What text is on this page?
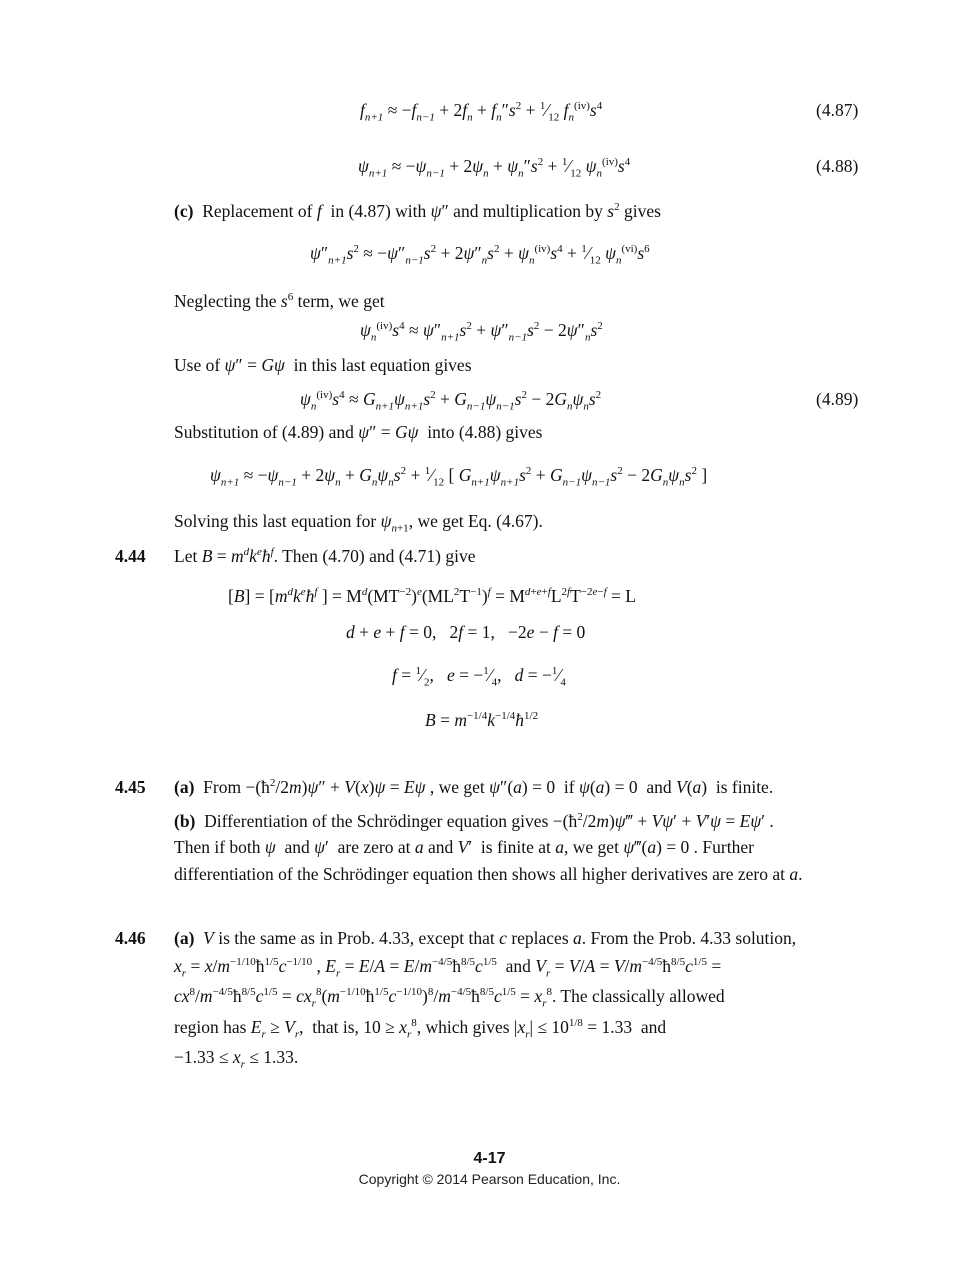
$f_{n+1} \approx -f_{n-1} + 2f_n + f_n''s^2$ + $^1⁄_{12}$ $f_n^{(iv)}s^4$	(4.87)
$\psi_{n+1} \approx -\psi_{n-1} + 2\psi_n + \psi_n''s^2$ + $^1⁄_{12}$ $\psi_n^{(iv)}s^4$	(4.88)
(c)  Replacement of f  in (4.87) with ψ″ and multiplication by $s^2$ gives
$\psi''_{n+1}s^2 \approx -\psi''_{n-1}s^2 + 2\psi''_ns^2 + \psi_n^{(iv)}s^4$ + $^1⁄_{12}$ $\psi_n^{(vi)}s^6$
Neglecting the $s^6$ term, we get
$\psi_n^{(iv)}s^4 \approx \psi''_{n+1}s^2 + \psi''_{n-1}s^2 - 2\psi''_ns^2$
Use of ψ″ = Gψ  in this last equation gives
$\psi_n^{(iv)}s^4 \approx G_{n+1}\psi_{n+1}s^2 + G_{n-1}\psi_{n-1}s^2 - 2G_n\psi_ns^2$	(4.89)
Substitution of (4.89) and ψ″ = Gψ  into (4.88) gives
$\psi_{n+1} \approx -\psi_{n-1} + 2\psi_n + G_n\psi_ns^2$ + $^1⁄_{12}$ [ $G_{n+1}\psi_{n+1}s^2 + G_{n-1}\psi_{n-1}s^2 - 2G_n\psi_ns^2$ ]
Solving this last equation for $\psi_{n+1}$, we get Eq. (4.67).
4.44 Let $B = m^dk^eħ^f$. Then (4.70) and (4.71) give
$[B] = [m^dk^eħ^f$ ] = $M^d(MT^{-2})^e(ML^2T^{-1})^f = M^{d+e+f}L^{2f}T^{-2e-f} = L$
d + e + f = 0,   2f = 1,   −2e − f = 0
$f = ^1⁄_2$,   $e = -^1⁄_4$,   $d = -^1⁄_4$
$B = m^{-1/4}k^{-1/4}ħ^{1/2}$
4.45 (a)  From $-(ħ^2/2m)\psi'' + V(x)\psi = E\psi$ , we get ψ″(a) = 0  if ψ(a) = 0  and V(a)  is finite.
(b)  Differentiation of the Schrödinger equation gives $-(ħ^2/2m)\psi‴ + V\psi' + V'\psi = E\psi'$ .
Then if both ψ  and ψ′  are zero at a and V′  is finite at a, we get ψ‴(a) = 0 . Further
differentiation of the Schrödinger equation then shows all higher derivatives are zero at a.
4.46 (a) V is the same as in Prob. 4.33, except that c replaces a. From the Prob. 4.33 solution,
$x_r$ = $x/m^{-1/10}ħ^{1/5}c^{-1/10}$ , $E_r = E/A$ = $E/m^{-4/5}ħ^{8/5}c^{1/5}$  and $V_r = V/A$ = $V/m^{-4/5}ħ^{8/5}c^{1/5}$ =
$cx^8/m^{-4/5}ħ^{8/5}c^{1/5}$ = $cx_r^8(m^{-1/10}ħ^{1/5}c^{-1/10})^8/m^{-4/5}ħ^{8/5}c^{1/5} = x_r^8$. The classically allowed
region has $E_r \ge V_r$,  that is, $10 \ge x_r^8$, which gives $|x_r| \le 10^{1/8} = 1.33$  and
$-1.33 \le x_r \le 1.33$.
4-17
Copyright © 2014 Pearson Education, Inc.
